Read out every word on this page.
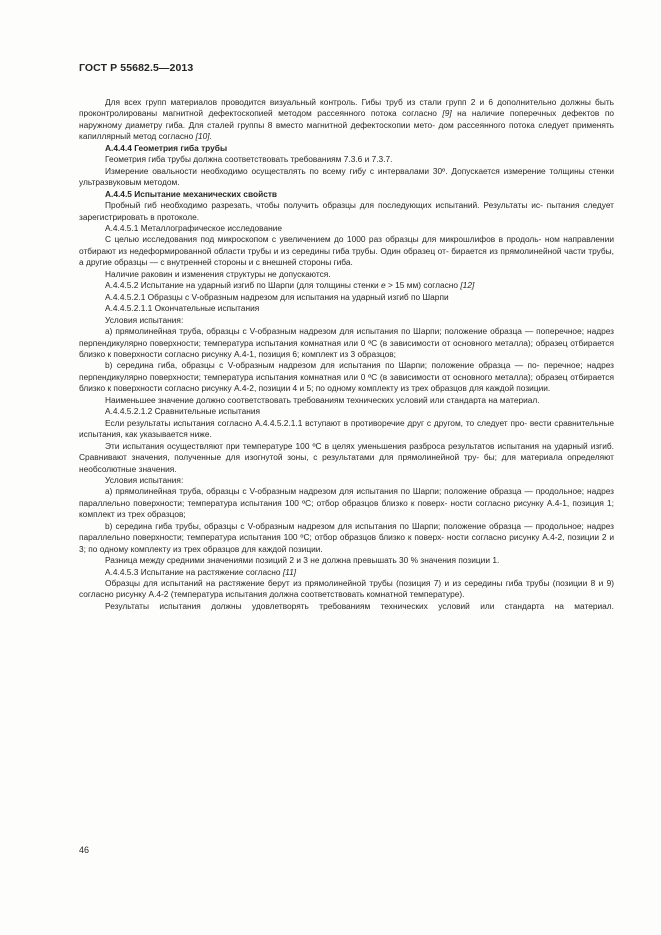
ГОСТ Р 55682.5—2013

Для всех групп материалов проводится визуальный контроль. Гибы труб из стали групп 2 и 6 дополнительно должны быть проконтролированы магнитной дефектоскопией методом рассеянного потока согласно [9] на наличие поперечных дефектов по наружному диаметру гиба. Для сталей группы 8 вместо магнитной дефектоскопии мето- дом рассеянного потока следует применять капиллярный метод согласно [10].

А.4.4.4 Геометрия гиба трубы

Геометрия гиба трубы должна соответствовать требованиям 7.3.6 и 7.3.7.

Измерение овальности необходимо осуществлять по всему гибу с интервалами 30º. Допускается измерение толщины стенки ультразвуковым методом.

А.4.4.5 Испытание механических свойств

Пробный гиб необходимо разрезать, чтобы получить образцы для последующих испытаний. Результаты ис- пытания следует зарегистрировать в протоколе.

А.4.4.5.1 Металлографическое исследование

С целью исследования под микроскопом с увеличением до 1000 раз образцы для микрошлифов в продоль- ном направлении отбирают из недеформированной области трубы и из середины гиба трубы. Один образец от- бирается из прямолинейной части трубы, а другие образцы — с внутренней стороны и с внешней стороны гиба.

Наличие раковин и изменения структуры не допускаются.

А.4.4.5.2 Испытание на ударный изгиб по Шарпи (для толщины стенки е > 15 мм) согласно [12]

А.4.4.5.2.1 Образцы с V-образным надрезом для испытания на ударный изгиб по Шарпи

А.4.4.5.2.1.1 Окончательные испытания

Условия испытания:

а) прямолинейная труба, образцы с V-образным надрезом для испытания по Шарпи; положение образца — поперечное; надрез перпендикулярно поверхности; температура испытания комнатная или 0 ºС (в зависимости от основного металла); образец отбирается близко к поверхности согласно рисунку А.4-1, позиция 6; комплект из 3 образцов;

b) середина гиба, образцы с V-образным надрезом для испытания по Шарпи; положение образца — по- перечное; надрез перпендикулярно поверхности; температура испытания комнатная или 0 ºС (в зависимости от основного металла); образец отбирается близко к поверхности согласно рисунку А.4-2, позиции 4 и 5; по одному комплекту из трех образцов для каждой позиции.

Наименьшее значение должно соответствовать требованиям технических условий или стандарта на материал.

А.4.4.5.2.1.2 Сравнительные испытания

Если результаты испытания согласно А.4.4.5.2.1.1 вступают в противоречие друг с другом, то следует про- вести сравнительные испытания, как указывается ниже.

Эти испытания осуществляют при температуре 100 ºС в целях уменьшения разброса результатов испытания на ударный изгиб. Сравнивают значения, полученные для изогнутой зоны, с результатами для прямолинейной тру- бы; для материала определяют необсолютные значения.

Условия испытания:

а) прямолинейная труба, образцы с V-образным надрезом для испытания по Шарпи; положение образца — продольное; надрез параллельно поверхности; температура испытания 100 ºС; отбор образцов близко к поверх- ности согласно рисунку А.4-1, позиция 1; комплект из трех образцов;

b) середина гиба трубы, образцы с V-образным надрезом для испытания по Шарпи; положение образца — продольное; надрез параллельно поверхности; температура испытания 100 ºС; отбор образцов близко к поверх- ности согласно рисунку А.4-2, позиции 2 и 3; по одному комплекту из трех образцов для каждой позиции.

Разница между средними значениями позиций 2 и 3 не должна превышать 30 % значения позиции 1.

А.4.4.5.3 Испытание на растяжение согласно [11]

Образцы для испытаний на растяжение берут из прямолинейной трубы (позиция 7) и из середины гиба трубы (позиции 8 и 9) согласно рисунку А.4-2 (температура испытания должна соответствовать комнатной температуре).

Результаты испытания должны удовлетворять требованиям технических условий или стандарта на материал.

46
